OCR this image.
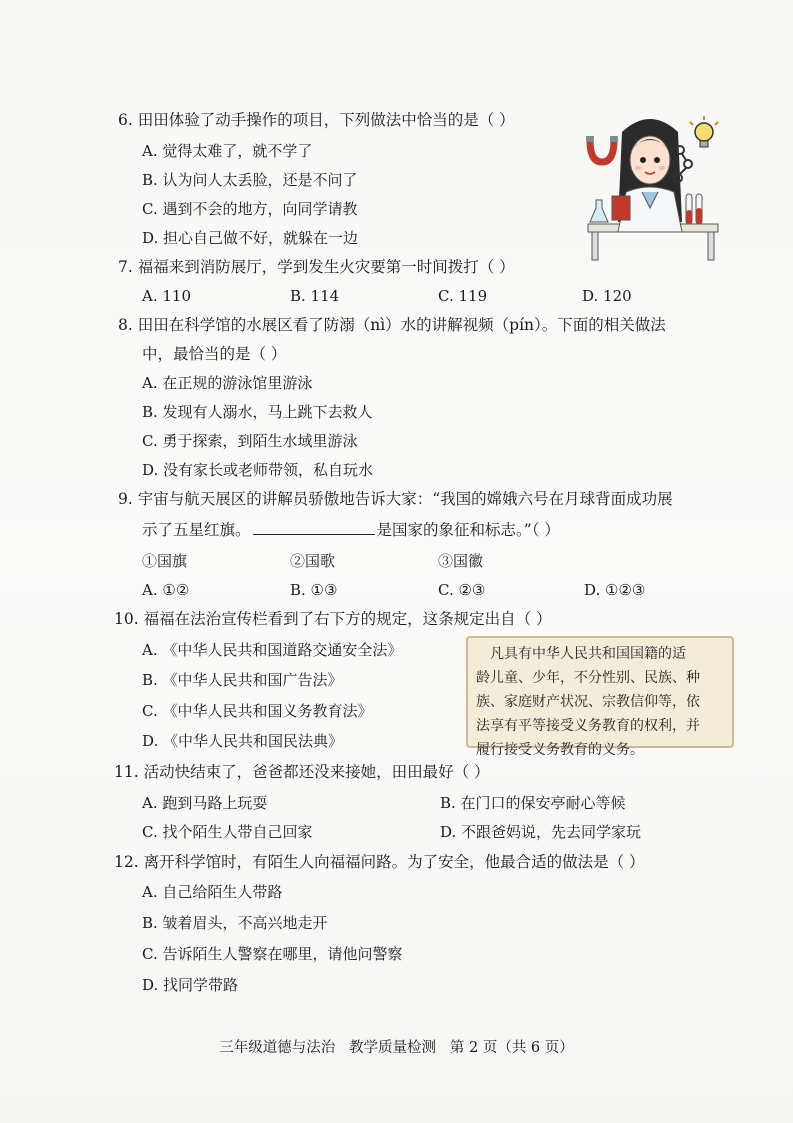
6. 田田体验了动手操作的项目，下列做法中恰当的是（ ）
A. 觉得太难了，就不学了
B. 认为问人太丢脸，还是不问了
C. 遇到不会的地方，向同学请教
D. 担心自己做不好，就躲在一边
7. 福福来到消防展厅，学到发生火灾要第一时间拨打（ ）
A. 110	B. 114	C. 119	D. 120
8. 田田在科学馆的水展区看了防溺（nì）水的讲解视频（pín）。下面的相关做法
中，最恰当的是（ ）
A. 在正规的游泳馆里游泳
B. 发现有人溺水，马上跳下去救人
C. 勇于探索，到陌生水域里游泳
D. 没有家长或老师带领，私自玩水
9. 宇宙与航天展区的讲解员骄傲地告诉大家：“我国的嫦娥六号在月球背面成功展
示了五星红旗。	是国家的象征和标志。”（ ）
①国旗	②国歌	③国徽
A. ①②	B. ①③	C. ②③	D. ①②③
10. 福福在法治宣传栏看到了右下方的规定，这条规定出自（ ）
A. 《中华人民共和国道路交通安全法》
B. 《中华人民共和国广告法》
C. 《中华人民共和国义务教育法》
D. 《中华人民共和国民法典》
　凡具有中华人民共和国国籍的适
龄儿童、少年，不分性别、民族、种
族、家庭财产状况、宗教信仰等，依
法享有平等接受义务教育的权利，并
履行接受义务教育的义务。
11. 活动快结束了，爸爸都还没来接她，田田最好（ ）
A. 跑到马路上玩耍	B. 在门口的保安亭耐心等候
C. 找个陌生人带自己回家	D. 不跟爸妈说，先去同学家玩
12. 离开科学馆时，有陌生人向福福问路。为了安全，他最合适的做法是（ ）
A. 自己给陌生人带路
B. 皱着眉头，不高兴地走开
C. 告诉陌生人警察在哪里，请他问警察
D. 找同学带路
三年级道德与法治   教学质量检测   第 2 页（共 6 页）
